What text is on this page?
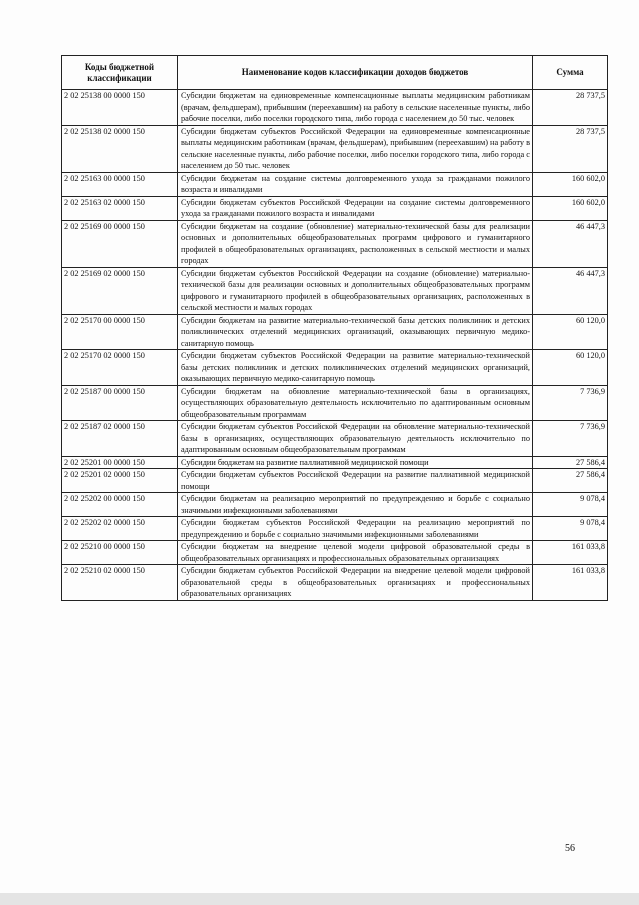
Коды бюджетной классификации	Наименование кодов классификации доходов бюджетов	Сумма
2 02 25138 00 0000 150	Субсидии бюджетам на единовременные компенсационные выплаты медицинским работникам (врачам, фельдшерам), прибывшим (переехавшим) на работу в сельские населенные пункты, либо рабочие поселки, либо поселки городского типа, либо города с населением до 50 тыс. человек	28 737,5
2 02 25138 02 0000 150	Субсидии бюджетам субъектов Российской Федерации на единовременные компенсационные выплаты медицинским работникам (врачам, фельдшерам), прибывшим (переехавшим) на работу в сельские населенные пункты, либо рабочие поселки, либо поселки городского типа, либо города с населением до 50 тыс. человек	28 737,5
2 02 25163 00 0000 150	Субсидии бюджетам на создание системы долговременного ухода за гражданами пожилого возраста и инвалидами	160 602,0
2 02 25163 02 0000 150	Субсидии бюджетам субъектов Российской Федерации на создание системы долговременного ухода за гражданами пожилого возраста и инвалидами	160 602,0
2 02 25169 00 0000 150	Субсидии бюджетам на создание (обновление) материально-технической базы для реализации основных и дополнительных общеобразовательных программ цифрового и гуманитарного профилей в общеобразовательных организациях, расположенных в сельской местности и малых городах	46 447,3
2 02 25169 02 0000 150	Субсидии бюджетам субъектов Российской Федерации на создание (обновление) материально-технической базы для реализации основных и дополнительных общеобразовательных программ цифрового и гуманитарного профилей в общеобразовательных организациях, расположенных в сельской местности и малых городах	46 447,3
2 02 25170 00 0000 150	Субсидии бюджетам на развитие материально-технической базы детских поликлиник и детских поликлинических отделений медицинских организаций, оказывающих первичную медико-санитарную помощь	60 120,0
2 02 25170 02 0000 150	Субсидии бюджетам субъектов Российской Федерации на развитие материально-технической базы детских поликлиник и детских поликлинических отделений медицинских организаций, оказывающих первичную медико-санитарную помощь	60 120,0
2 02 25187 00 0000 150	Субсидии бюджетам на обновление материально-технической базы в организациях, осуществляющих образовательную деятельность исключительно по адаптированным основным общеобразовательным программам	7 736,9
2 02 25187 02 0000 150	Субсидии бюджетам субъектов Российской Федерации на обновление материально-технической базы в организациях, осуществляющих образовательную деятельность исключительно по адаптированным основным общеобразовательным программам	7 736,9
2 02 25201 00 0000 150	Субсидии бюджетам на развитие паллиативной медицинской помощи	27 586,4
2 02 25201 02 0000 150	Субсидии бюджетам субъектов Российской Федерации на развитие паллиативной медицинской помощи	27 586,4
2 02 25202 00 0000 150	Субсидии бюджетам на реализацию мероприятий по предупреждению и борьбе с социально значимыми инфекционными заболеваниями	9 078,4
2 02 25202 02 0000 150	Субсидии бюджетам субъектов Российской Федерации на реализацию мероприятий по предупреждению и борьбе с социально значимыми инфекционными заболеваниями	9 078,4
2 02 25210 00 0000 150	Субсидии бюджетам на внедрение целевой модели цифровой образовательной среды в общеобразовательных организациях и профессиональных образовательных организациях	161 033,8
2 02 25210 02 0000 150	Субсидии бюджетам субъектов Российской Федерации на внедрение целевой модели цифровой образовательной среды в общеобразовательных организациях и профессиональных образовательных организациях	161 033,8
56
